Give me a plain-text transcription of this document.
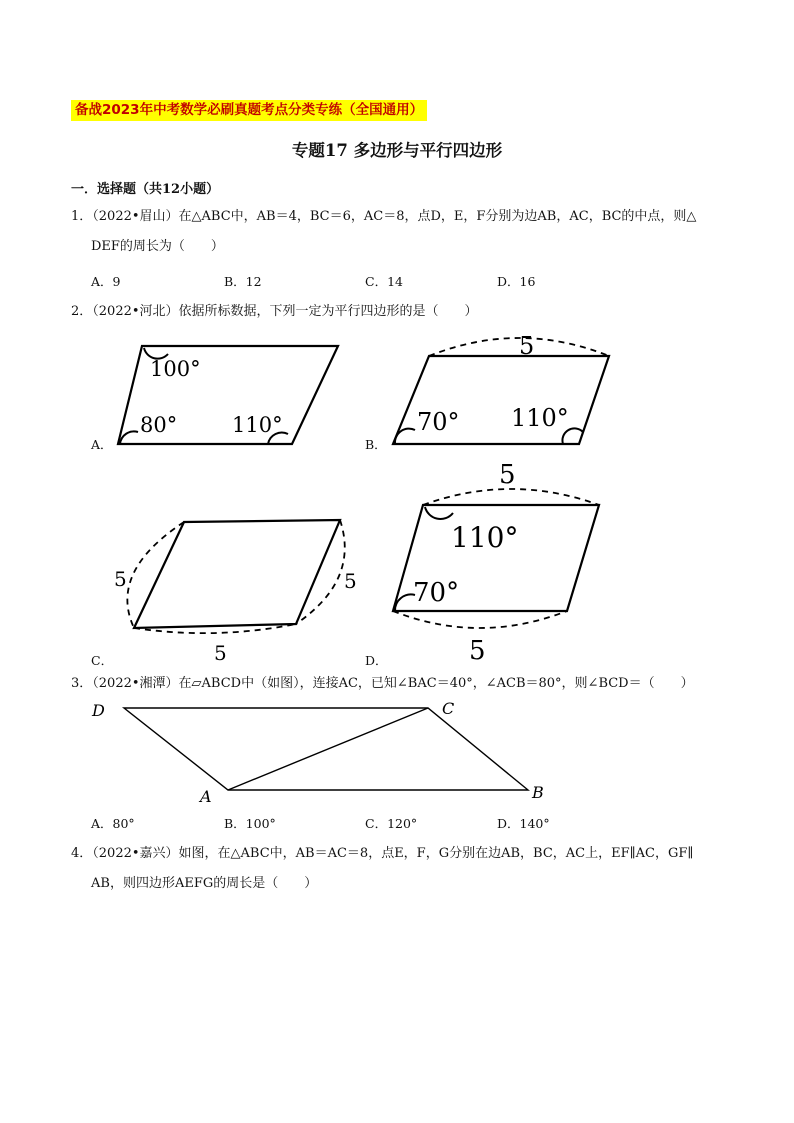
备战2023年中考数学必刷真题考点分类专练（全国通用）
专题17 多边形与平行四边形
一．选择题（共12小题）
1．（2022•眉山）在△ABC中，AB＝4，BC＝6，AC＝8，点D，E，F分别为边AB，AC，BC的中点，则△
DEF的周长为（　　）
A．9	B．12	C．14	D．16
2．（2022•河北）依据所标数据，下列一定为平行四边形的是（　　）
A．	B．
C．	D．
100°
80°	110°
5
70° 110°
5	5
5
5
5
110°
70°
3．（2022•湘潭）在▱ABCD中（如图），连接AC，已知∠BAC＝40°，∠ACB＝80°，则∠BCD＝（　　）
D	C
A	B
A．80°	B．100°	C．120°	D．140°
4．（2022•嘉兴）如图，在△ABC中，AB＝AC＝8，点E，F，G分别在边AB，BC，AC上，EF∥AC，GF∥
AB，则四边形AEFG的周长是（　　）
